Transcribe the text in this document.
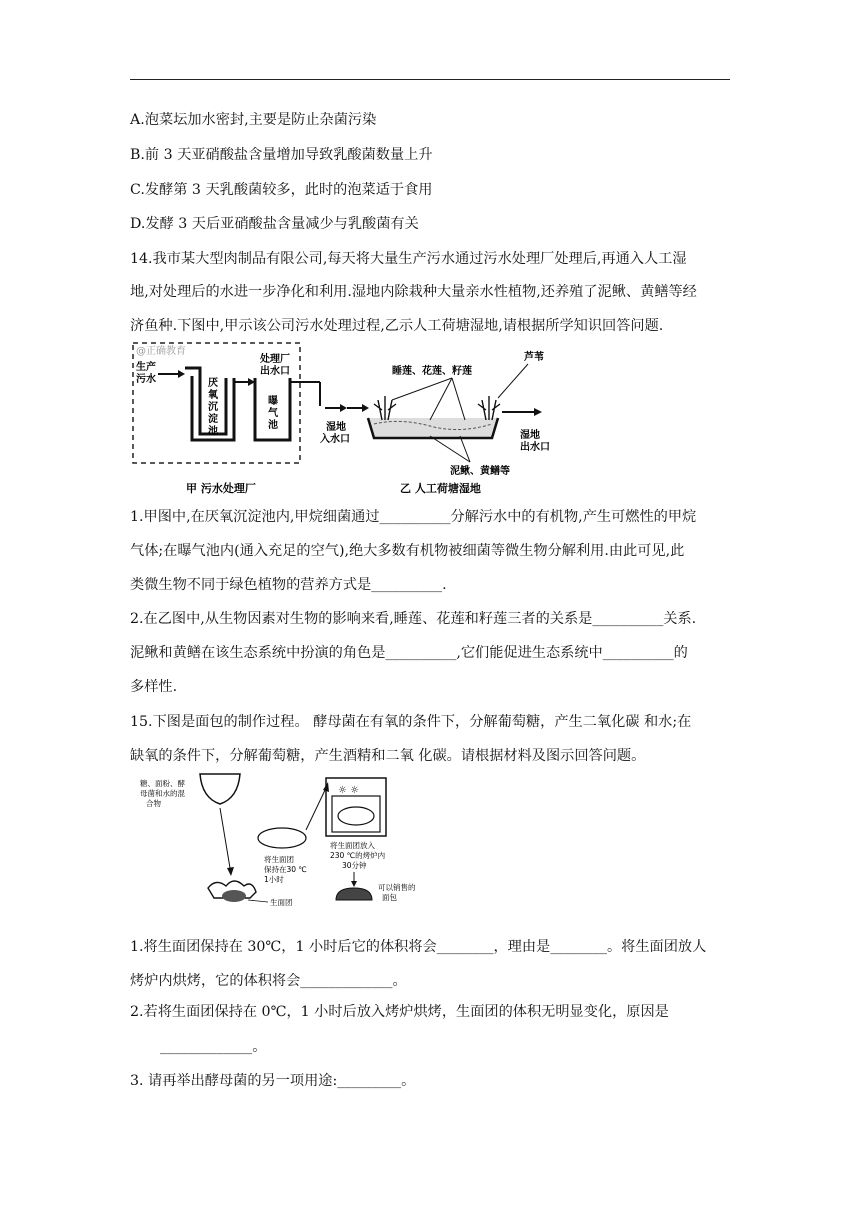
A.泡菜坛加水密封,主要是防止杂菌污染
B.前 3 天亚硝酸盐含量增加导致乳酸菌数量上升
C.发酵第 3 天乳酸菌较多，此时的泡菜适于食用
D.发酵 3 天后亚硝酸盐含量减少与乳酸菌有关
14.我市某大型肉制品有限公司,每天将大量生产污水通过污水处理厂处理后,再通入人工湿
地,对处理后的水进一步净化和利用.湿地内除栽种大量亲水性植物,还养殖了泥鳅、黄鳝等经
济鱼种.下图中,甲示该公司污水处理过程,乙示人工荷塘湿地,请根据所学知识回答问题.
@正确教育
生产污水	厌氧沉淀池
曝气池
处理厂出水口
湿地入水口
睡莲、花莲、籽莲
芦苇
湿地出水口
泥鳅、黄鳝等
甲 污水处理厂	乙 人工荷塘湿地
1.甲图中,在厌氧沉淀池内,甲烷细菌通过__________分解污水中的有机物,产生可燃性的甲烷
气体;在曝气池内(通入充足的空气),绝大多数有机物被细菌等微生物分解利用.由此可见,此
类微生物不同于绿色植物的营养方式是__________.
2.在乙图中,从生物因素对生物的影响来看,睡莲、花莲和籽莲三者的关系是__________关系.
泥鳅和黄鳝在该生态系统中扮演的角色是__________,它们能促进生态系统中__________的
多样性.
15.下图是面包的制作过程。 酵母菌在有氧的条件下，分解葡萄糖，产生二氧化碳 和水;在
缺氧的条件下，分解葡萄糖，产生酒精和二氧 化碳。请根据材料及图示回答问题。
糖、面粉、酵 母菌和水的混 合物
生面团
将生面团 保持在30 ℃ 1小时
☼ ☼
将生面团放入 230 ℃的烤炉内 30分钟
可以销售的 面包
1.将生面团保持在 30℃，1 小时后它的体积将会________，理由是________。将生面团放人
烤炉内烘烤，它的体积将会_____________。
2.若将生面团保持在 0℃，1 小时后放入烤炉烘烤，生面团的体积无明显变化，原因是
_____________。
3. 请再举出酵母菌的另一项用途:_________。
